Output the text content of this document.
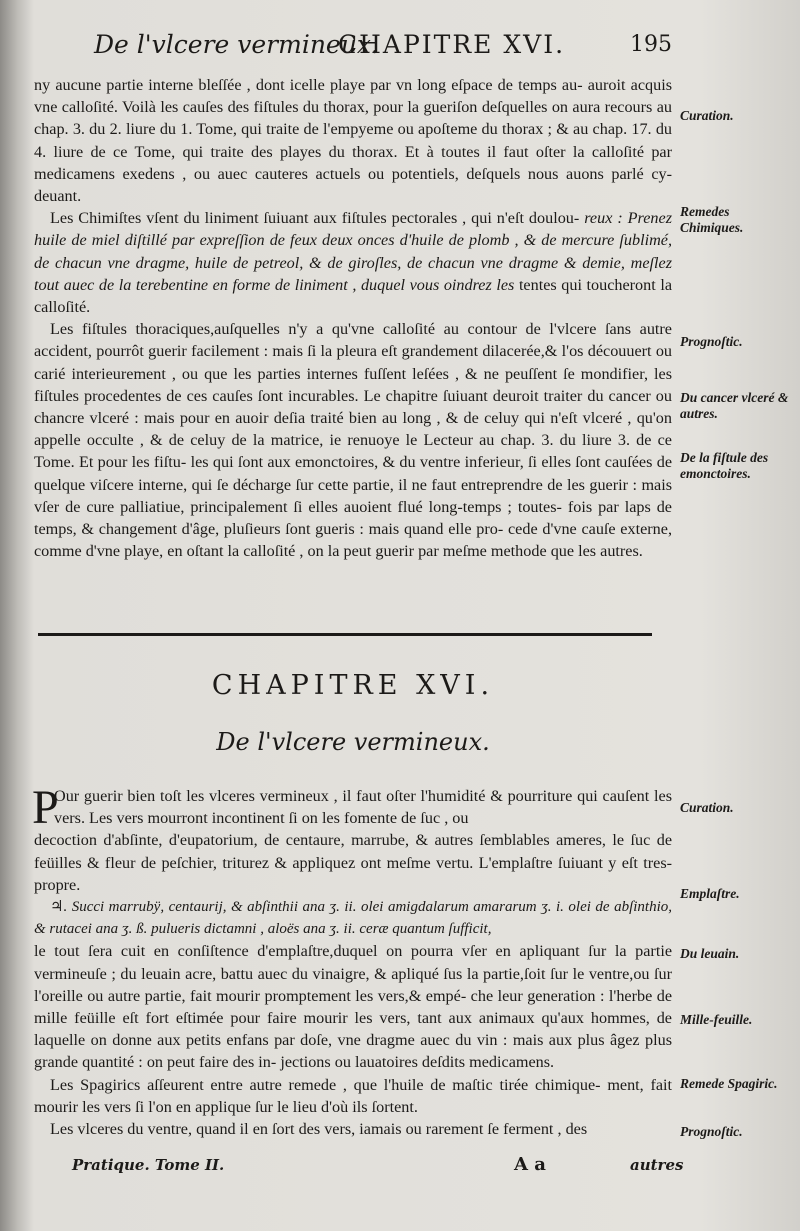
De l'vlcere vermineux.
CHAPITRE XVI.	195

ny aucune partie interne bleſſée , dont icelle playe par vn long eſpace de temps au- auroit acquis vne calloſité. Voilà les cauſes des fiſtules du thorax, pour la gueriſon deſquelles on aura recours au chap. 3. du 2. liure du 1. Tome, qui traite de l'empyeme ou apoſteme du thorax ; & au chap. 17. du 4. liure de ce Tome, qui traite des playes du thorax. Et à toutes il faut oſter la calloſité par medicamens exedens , ou auec cauteres actuels ou potentiels, deſquels nous auons parlé cy-deuant.

Les Chimiſtes vſent du liniment ſuiuant aux fiſtules pectorales , qui n'eſt doulou- reux : Prenez huile de miel diſtillé par expreſſion de feux deux onces d'huile de plomb , & de mercure ſublimé, de chacun vne dragme, huile de petreol, & de giroſles, de chacun vne dragme & demie, meſlez tout auec de la terebentine en forme de liniment , duquel vous oindrez les tentes qui toucheront la calloſité.

Les fiſtules thoraciques,auſquelles n'y a qu'vne calloſité au contour de l'vlcere ſans autre accident, pourrôt guerir facilement : mais ſi la pleura eſt grandement dilacerée,& l'os découuert ou carié interieurement , ou que les parties internes fuſſent leſées , & ne peuſſent ſe mondifier, les fiſtules procedentes de ces cauſes ſont incurables. Le chapitre ſuiuant deuroit traiter du cancer ou chancre vlceré : mais pour en auoir deſia traité bien au long , & de celuy qui n'eſt vlceré , qu'on appelle occulte , & de celuy de la matrice, ie renuoye le Lecteur au chap. 3. du liure 3. de ce Tome. Et pour les fiſtu- les qui ſont aux emonctoires, & du ventre inferieur, ſi elles ſont cauſées de quelque viſcere interne, qui ſe décharge ſur cette partie, il ne faut entreprendre de les guerir : mais vſer de cure palliatiue, principalement ſi elles auoient flué long-temps ; toutes- fois par laps de temps, & changement d'âge, pluſieurs ſont gueris : mais quand elle pro- cede d'vne cauſe externe, comme d'vne playe, en oſtant la calloſité , on la peut guerir par meſme methode que les autres.

CHAPITRE XVI.
De l'vlcere vermineux.
P

Our guerir bien toſt les vlceres vermineux , il faut oſter l'humidité & pourriture qui cauſent les vers. Les vers mourront incontinent ſi on les fomente de ſuc , ou

decoction d'abſinte, d'eupatorium, de centaure, marrube, & autres ſemblables ameres, le ſuc de feüilles & fleur de peſchier, triturez & appliquez ont meſme vertu. L'emplaſtre ſuiuant y eſt tres-propre.

♃. Succi marrubÿ, centaurij, & abſinthii ana ʒ. ii. olei amigdalarum amararum ʒ. i. olei de abſinthio, & rutacei ana ʒ. ß. pulueris dictamni , aloës ana ʒ. ii. ceræ quantum ſufficit,

le tout ſera cuit en conſiſtence d'emplaſtre,duquel on pourra vſer en apliquant ſur la partie vermineuſe ; du leuain acre, battu auec du vinaigre, & apliqué ſus la partie,ſoit ſur le ventre,ou ſur l'oreille ou autre partie, fait mourir promptement les vers,& empé- che leur generation : l'herbe de mille feüille eſt fort eſtimée pour faire mourir les vers, tant aux animaux qu'aux hommes, de laquelle on donne aux petits enfans par doſe, vne dragme auec du vin : mais aux plus âgez plus grande quantité : on peut faire des in- jections ou lauatoires deſdits medicamens.

Les Spagirics aſſeurent entre autre remede , que l'huile de maſtic tirée chimique- ment, fait mourir les vers ſi l'on en applique ſur le lieu d'où ils ſortent.

Les vlceres du ventre, quand il en ſort des vers, iamais ou rarement ſe ferment , des

Curation.
Remedes Chimiques.
Prognoſtic.
Du cancer vlceré & autres.
De la fiſtule des emonctoires.
Curation.
Emplaſtre.
Du leuain.
Mille-feuille.
Remede Spagiric.
Prognoſtic.
Pratique. Tome II.	A a	autres
